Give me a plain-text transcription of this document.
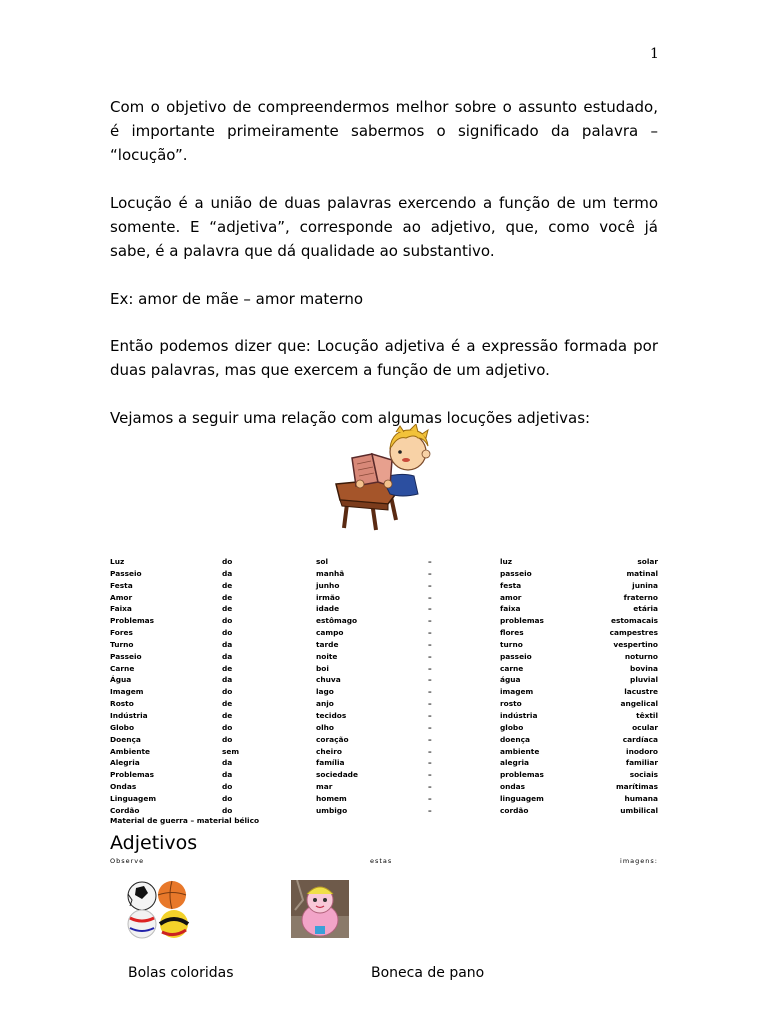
1

Com o objetivo de compreendermos melhor sobre o assunto estudado, é importante primeiramente sabermos o significado da palavra – “locução”.

Locução é a união de duas palavras exercendo a função de um termo somente. E “adjetiva”, corresponde ao adjetivo, que, como você já sabe, é a palavra que dá qualidade ao substantivo.

Ex: amor de mãe – amor materno

Então podemos dizer que: Locução adjetiva é a expressão formada por duas palavras, mas que exercem a função de um adjetivo.

Vejamos a seguir uma relação com algumas locuções adjetivas:

Luz	do	sol	–	luz	solar
Passeio	da	manhã	–	passeio	matinal
Festa	de	junho	–	festa	junina
Amor	de	irmão	–	amor	fraterno
Faixa	de	idade	–	faixa	etária
Problemas	do	estômago	–	problemas	estomacais
Fores	do	campo	–	flores	campestres
Turno	da	tarde	–	turno	vespertino
Passeio	da	noite	–	passeio	noturno
Carne	de	boi	–	carne	bovina
Água	da	chuva	–	água	pluvial
Imagem	do	lago	–	imagem	lacustre
Rosto	de	anjo	–	rosto	angelical
Indústria	de	tecidos	–	indústria	têxtil
Globo	do	olho	–	globo	ocular
Doença	do	coração	–	doença	cardíaca
Ambiente	sem	cheiro	–	ambiente	inodoro
Alegria	da	família	–	alegria	familiar
Problemas	da	sociedade	–	problemas	sociais
Ondas	do	mar	–	ondas	marítimas
Linguagem	do	homem	–	linguagem	humana
Cordão	do	umbigo	–	cordão	umbilical
Material de guerra – material bélico
Adjetivos
Observe	estas	imagens:
Bolas coloridas	Boneca de pano
